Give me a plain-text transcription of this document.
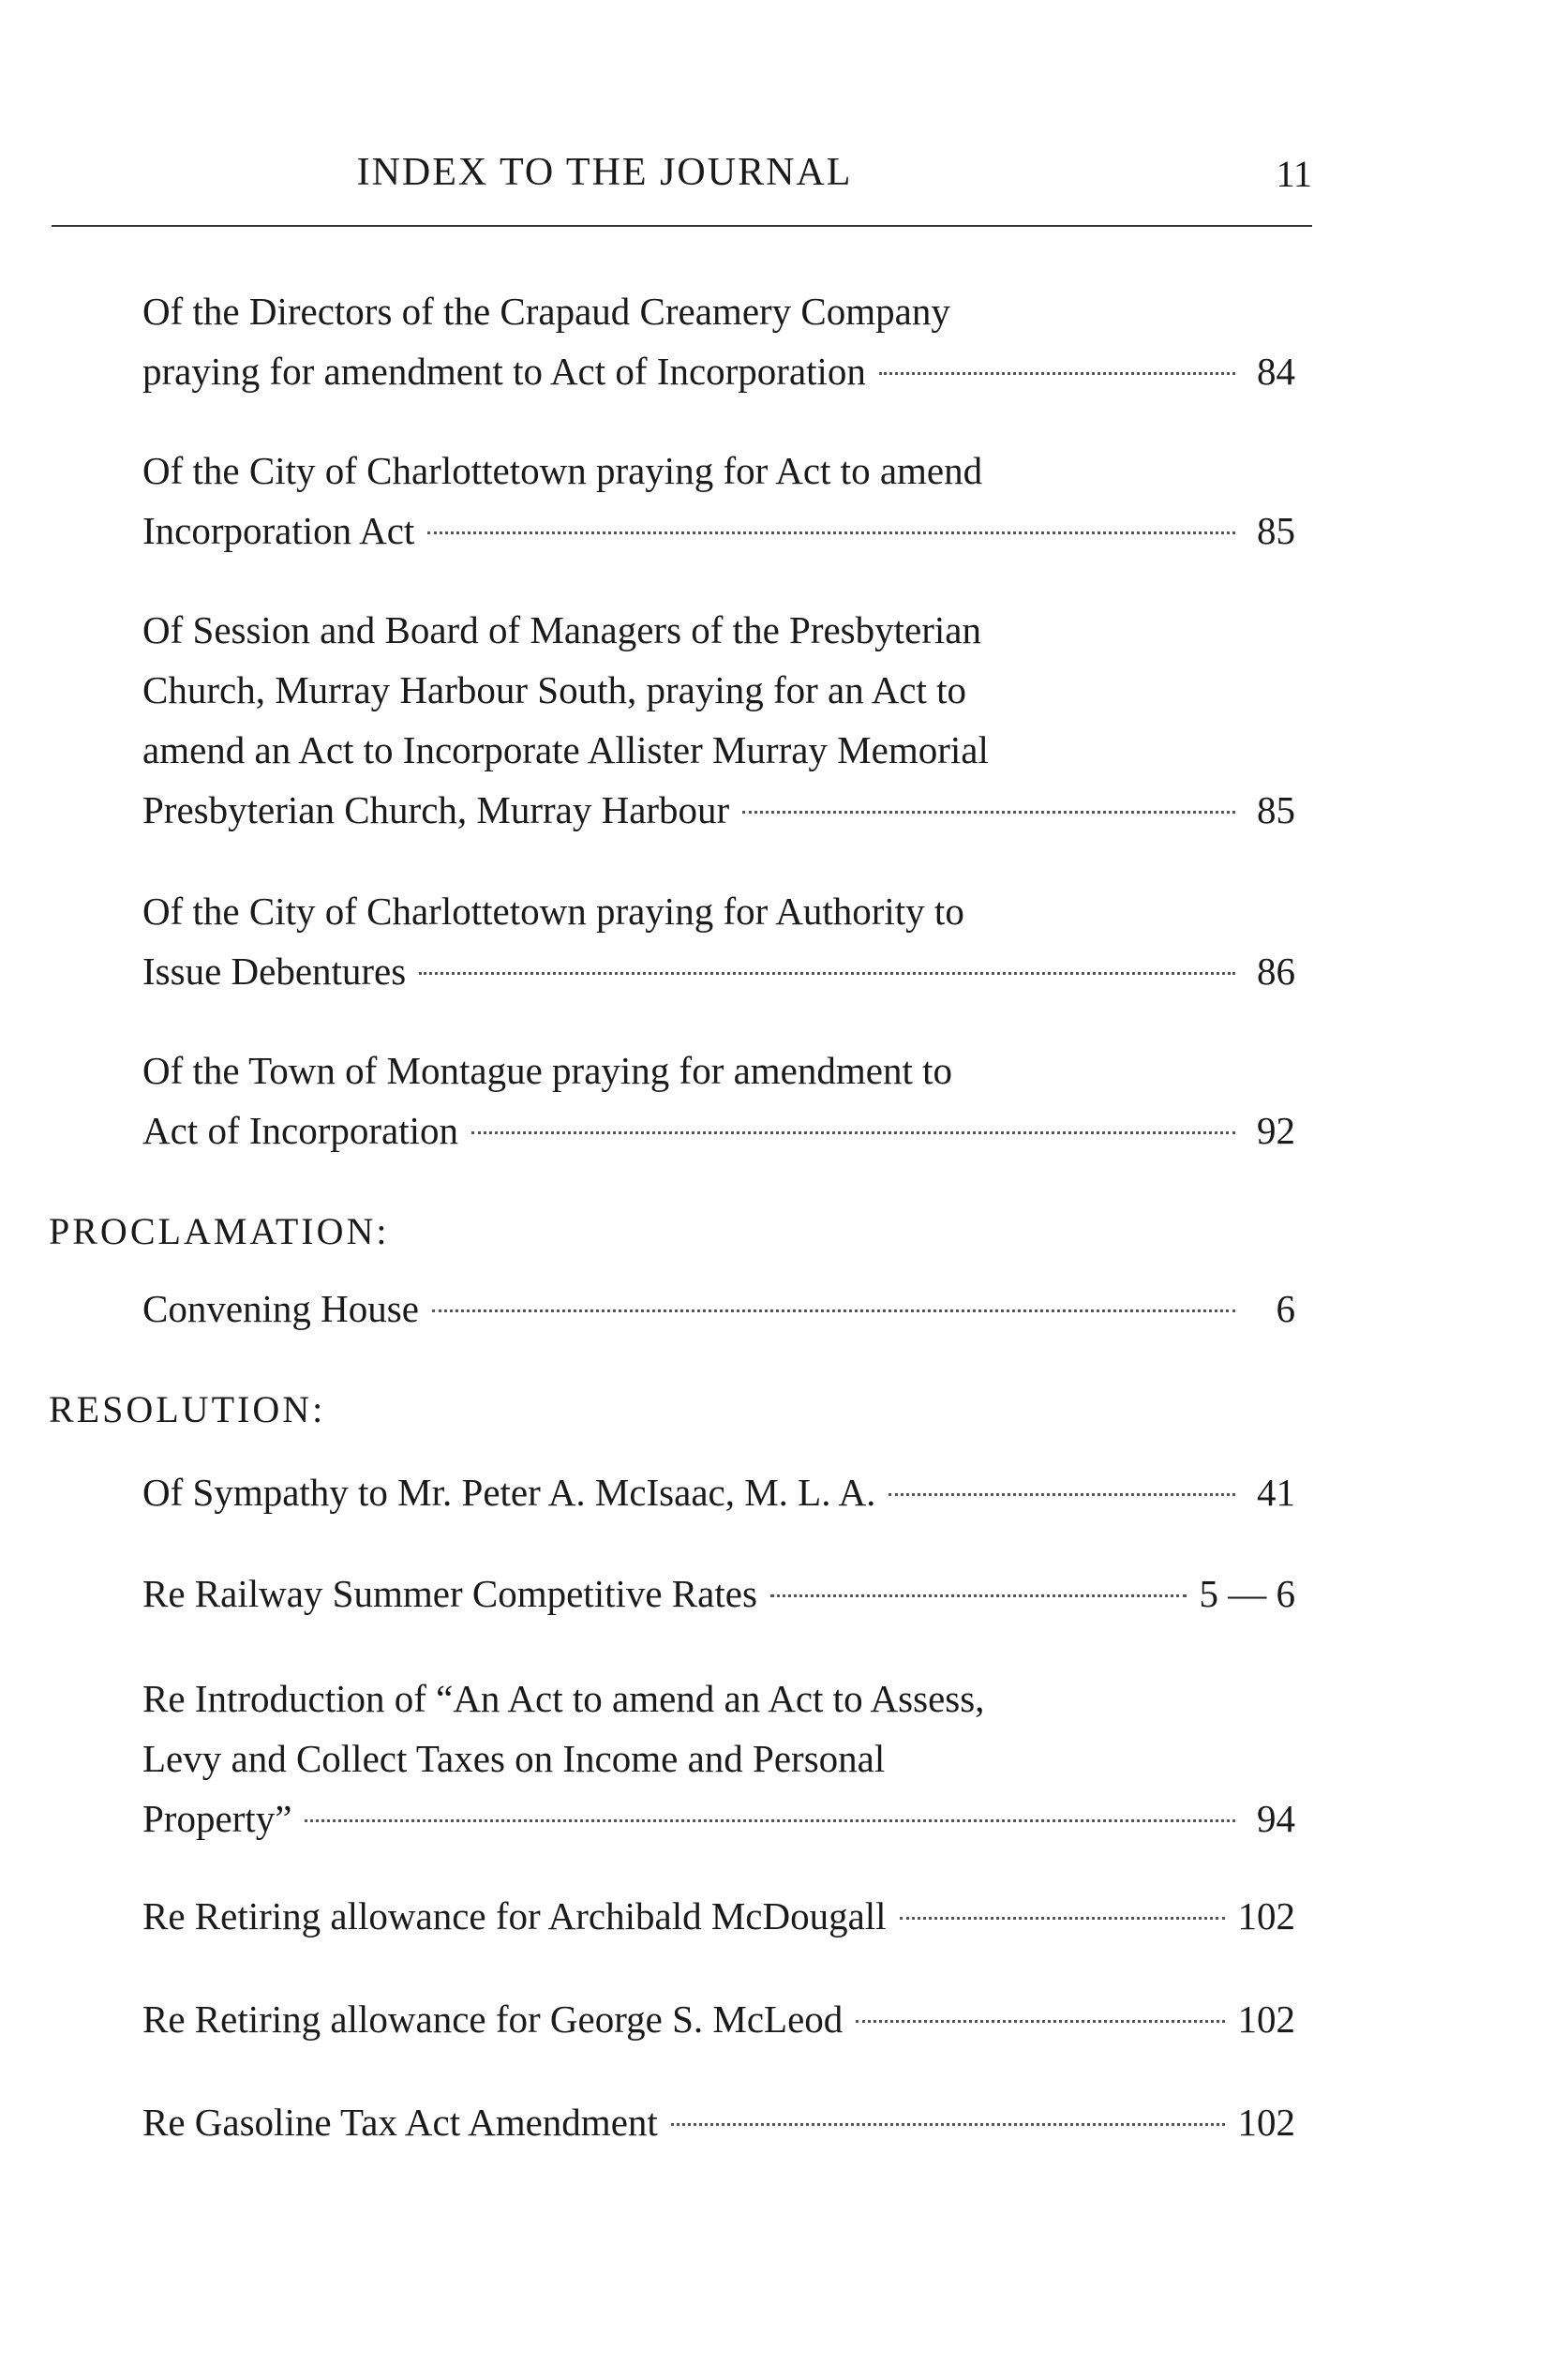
INDEX TO THE JOURNAL	11
Of the Directors of the Crapaud Creamery Company
praying for amendment to Act of Incorporation	84
Of the City of Charlottetown praying for Act to amend
Incorporation Act	85
Of Session and Board of Managers of the Presbyterian
Church, Murray Harbour South, praying for an Act to
amend an Act to Incorporate Allister Murray Memorial
Presbyterian Church, Murray Harbour	85
Of the City of Charlottetown praying for Authority to
Issue Debentures	86
Of the Town of Montague praying for amendment to
Act of Incorporation	92
PROCLAMATION:
Convening House	6
RESOLUTION:
Of Sympathy to Mr. Peter A. McIsaac, M. L. A.	41
Re Railway Summer Competitive Rates	5 — 6
Re Introduction of “An Act to amend an Act to Assess,
Levy and Collect Taxes on Income and Personal
Property”	94
Re Retiring allowance for Archibald McDougall	102
Re Retiring allowance for George S. McLeod	102
Re Gasoline Tax Act Amendment	102
